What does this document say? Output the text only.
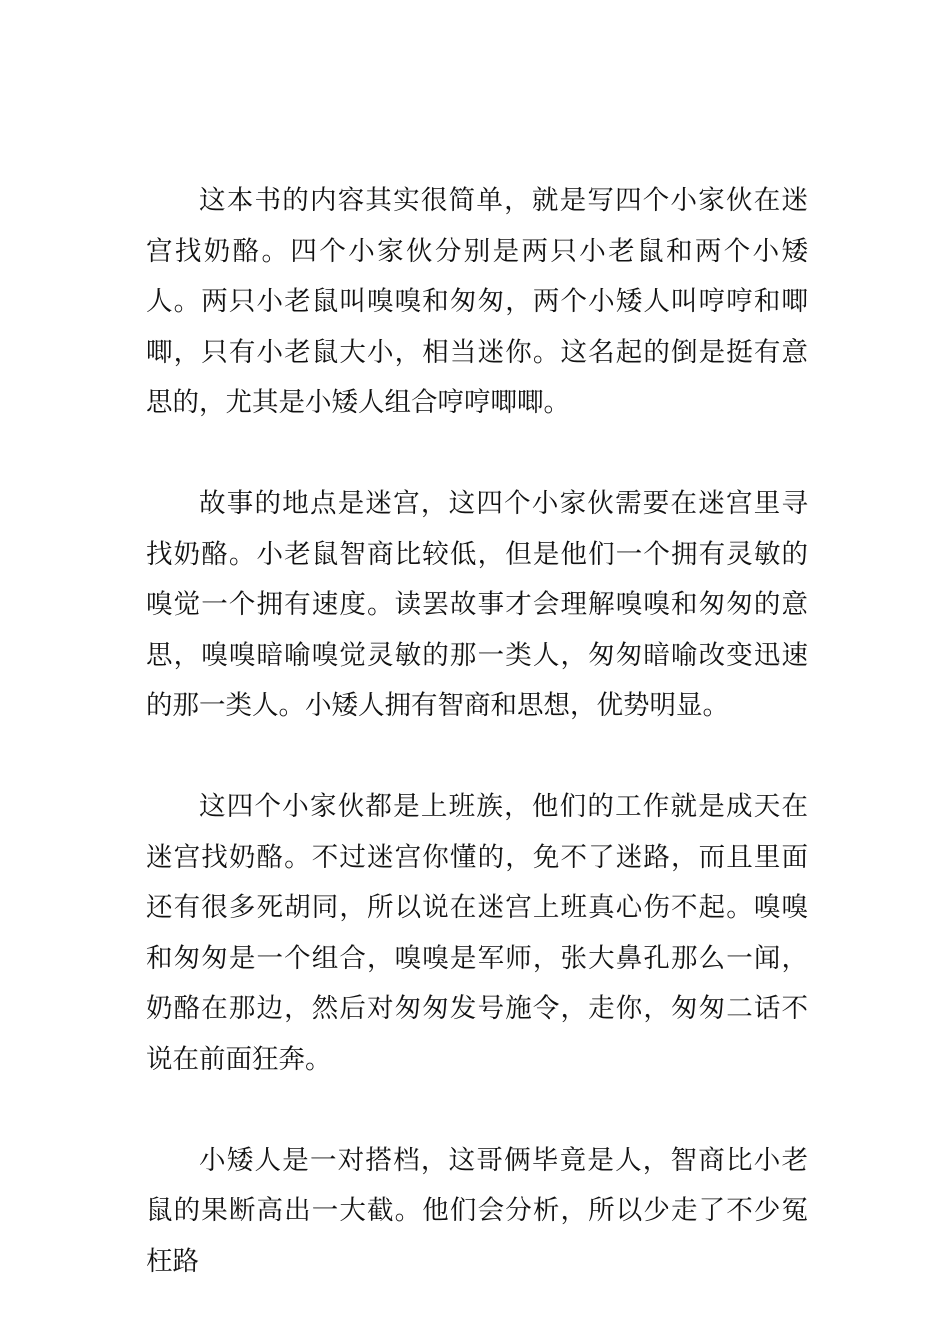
这本书的内容其实很简单，就是写四个小家伙在迷宫找奶酪。四个小家伙分别是两只小老鼠和两个小矮人。两只小老鼠叫嗅嗅和匆匆，两个小矮人叫哼哼和唧唧，只有小老鼠大小，相当迷你。这名起的倒是挺有意思的，尤其是小矮人组合哼哼唧唧。

故事的地点是迷宫，这四个小家伙需要在迷宫里寻找奶酪。小老鼠智商比较低，但是他们一个拥有灵敏的嗅觉一个拥有速度。读罢故事才会理解嗅嗅和匆匆的意思，嗅嗅暗喻嗅觉灵敏的那一类人，匆匆暗喻改变迅速的那一类人。小矮人拥有智商和思想，优势明显。

这四个小家伙都是上班族，他们的工作就是成天在迷宫找奶酪。不过迷宫你懂的，免不了迷路，而且里面还有很多死胡同，所以说在迷宫上班真心伤不起。嗅嗅和匆匆是一个组合，嗅嗅是军师，张大鼻孔那么一闻，奶酪在那边，然后对匆匆发号施令，走你，匆匆二话不说在前面狂奔。

小矮人是一对搭档，这哥俩毕竟是人，智商比小老鼠的果断高出一大截。他们会分析，所以少走了不少冤枉路
